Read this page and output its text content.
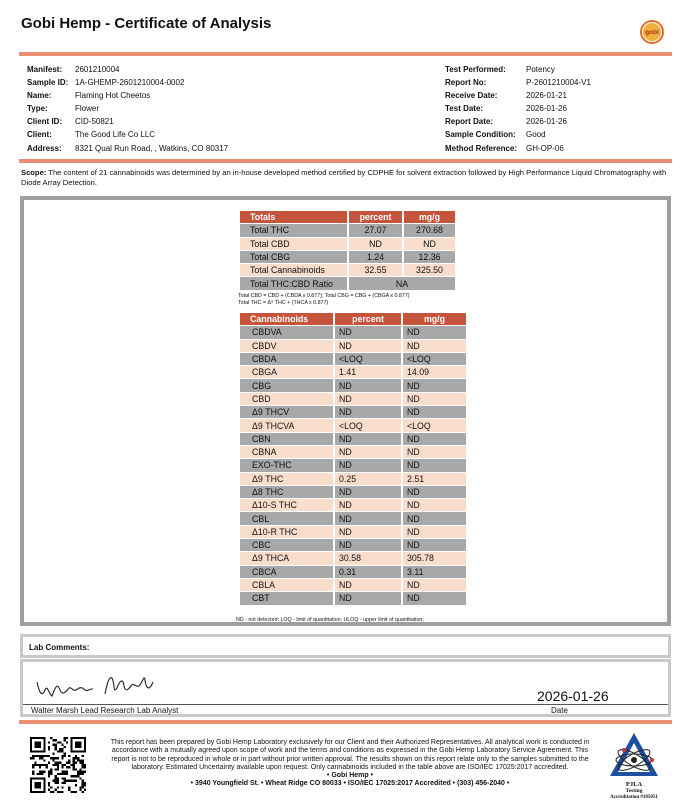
Gobi Hemp - Certificate of Analysis	gobi
Manifest: 2601210004
Sample ID: 1A-GHEMP-2601210004-0002
Name:	Flaming Hot Cheetos
Type:	Flower
Client ID: CID-50821
Client:	The Good Life Co LLC
Address: 8321 Qual Run Road, , Watkins, CO 80317
Test Performed:	Potency
Report No:	P-2601210004-V1
Receive Date:	2026-01-21
Test Date:	2026-01-26
Report Date:	2026-01-26
Sample Condition: Good
Method Reference: GH-OP-06
Scope: The content of 21 cannabinoids was determined by an in-house developed method certified by CDPHE for solvent extraction followed by High Performance Liquid Chromatography with Diode Array Detection.
Totals	percent	mg/g
Total THC	27.07	270.68
Total CBD	ND	ND
Total CBG	1.24	12.36
Total Cannabinoids	32.55	325.50
Total THC:CBD Ratio	NA	
Total CBD = CBD + (CBDA x 0.877); Total CBG = CBG + (CBGA x 0.877)
Total THC = Δ⁹ THC + (THCA x 0.877)
Cannabinoids	percent	mg/g
CBDVA	ND	ND
CBDV	ND	ND
CBDA	<LOQ	<LOQ
CBGA	1.41	14.09
CBG	ND	ND
CBD	ND	ND
Δ9 THCV	ND	ND
Δ9 THCVA	<LOQ	<LOQ
CBN	ND	ND
CBNA	ND	ND
EXO-THC	ND	ND
Δ9 THC	0.25	2.51
Δ8 THC	ND	ND
Δ10-S THC	ND	ND
CBL	ND	ND
Δ10-R THC	ND	ND
CBC	ND	ND
Δ9 THCA	30.58	305.78
CBCA	0.31	3.11
CBLA	ND	ND
CBT	ND	ND
ND - not detected; LOQ - limit of quantitation; ULOQ - upper limit of quantitation;
Lab Comments:
2026-01-26
Walter Marsh Lead Research Lab Analyst	Date
This report has been prepared by Gobi Hemp Laboratory exclusively for our Client and their Authorized Representatives. All analytical work is conducted in accordance with a mutually agreed upon scope of work and the terms and conditions as expressed in the Gobi Hemp Laboratory Service Agreement. This report is not to be reproduced in whole or in part without prior written approval. The results shown on this report relate only to the samples submitted to the laboratory. Estimated Uncertainty available upon request. Only cannabinoids included in the table above are ISO/IEC 17025:2017 accredited.
• Gobi Hemp •
• 3940 Youngfield St. • Wheat Ridge CO 80033 • ISO/IEC 17025:2017 Accredited • (303) 456-2040 •	PJLA
Testing
Accreditation #105051
